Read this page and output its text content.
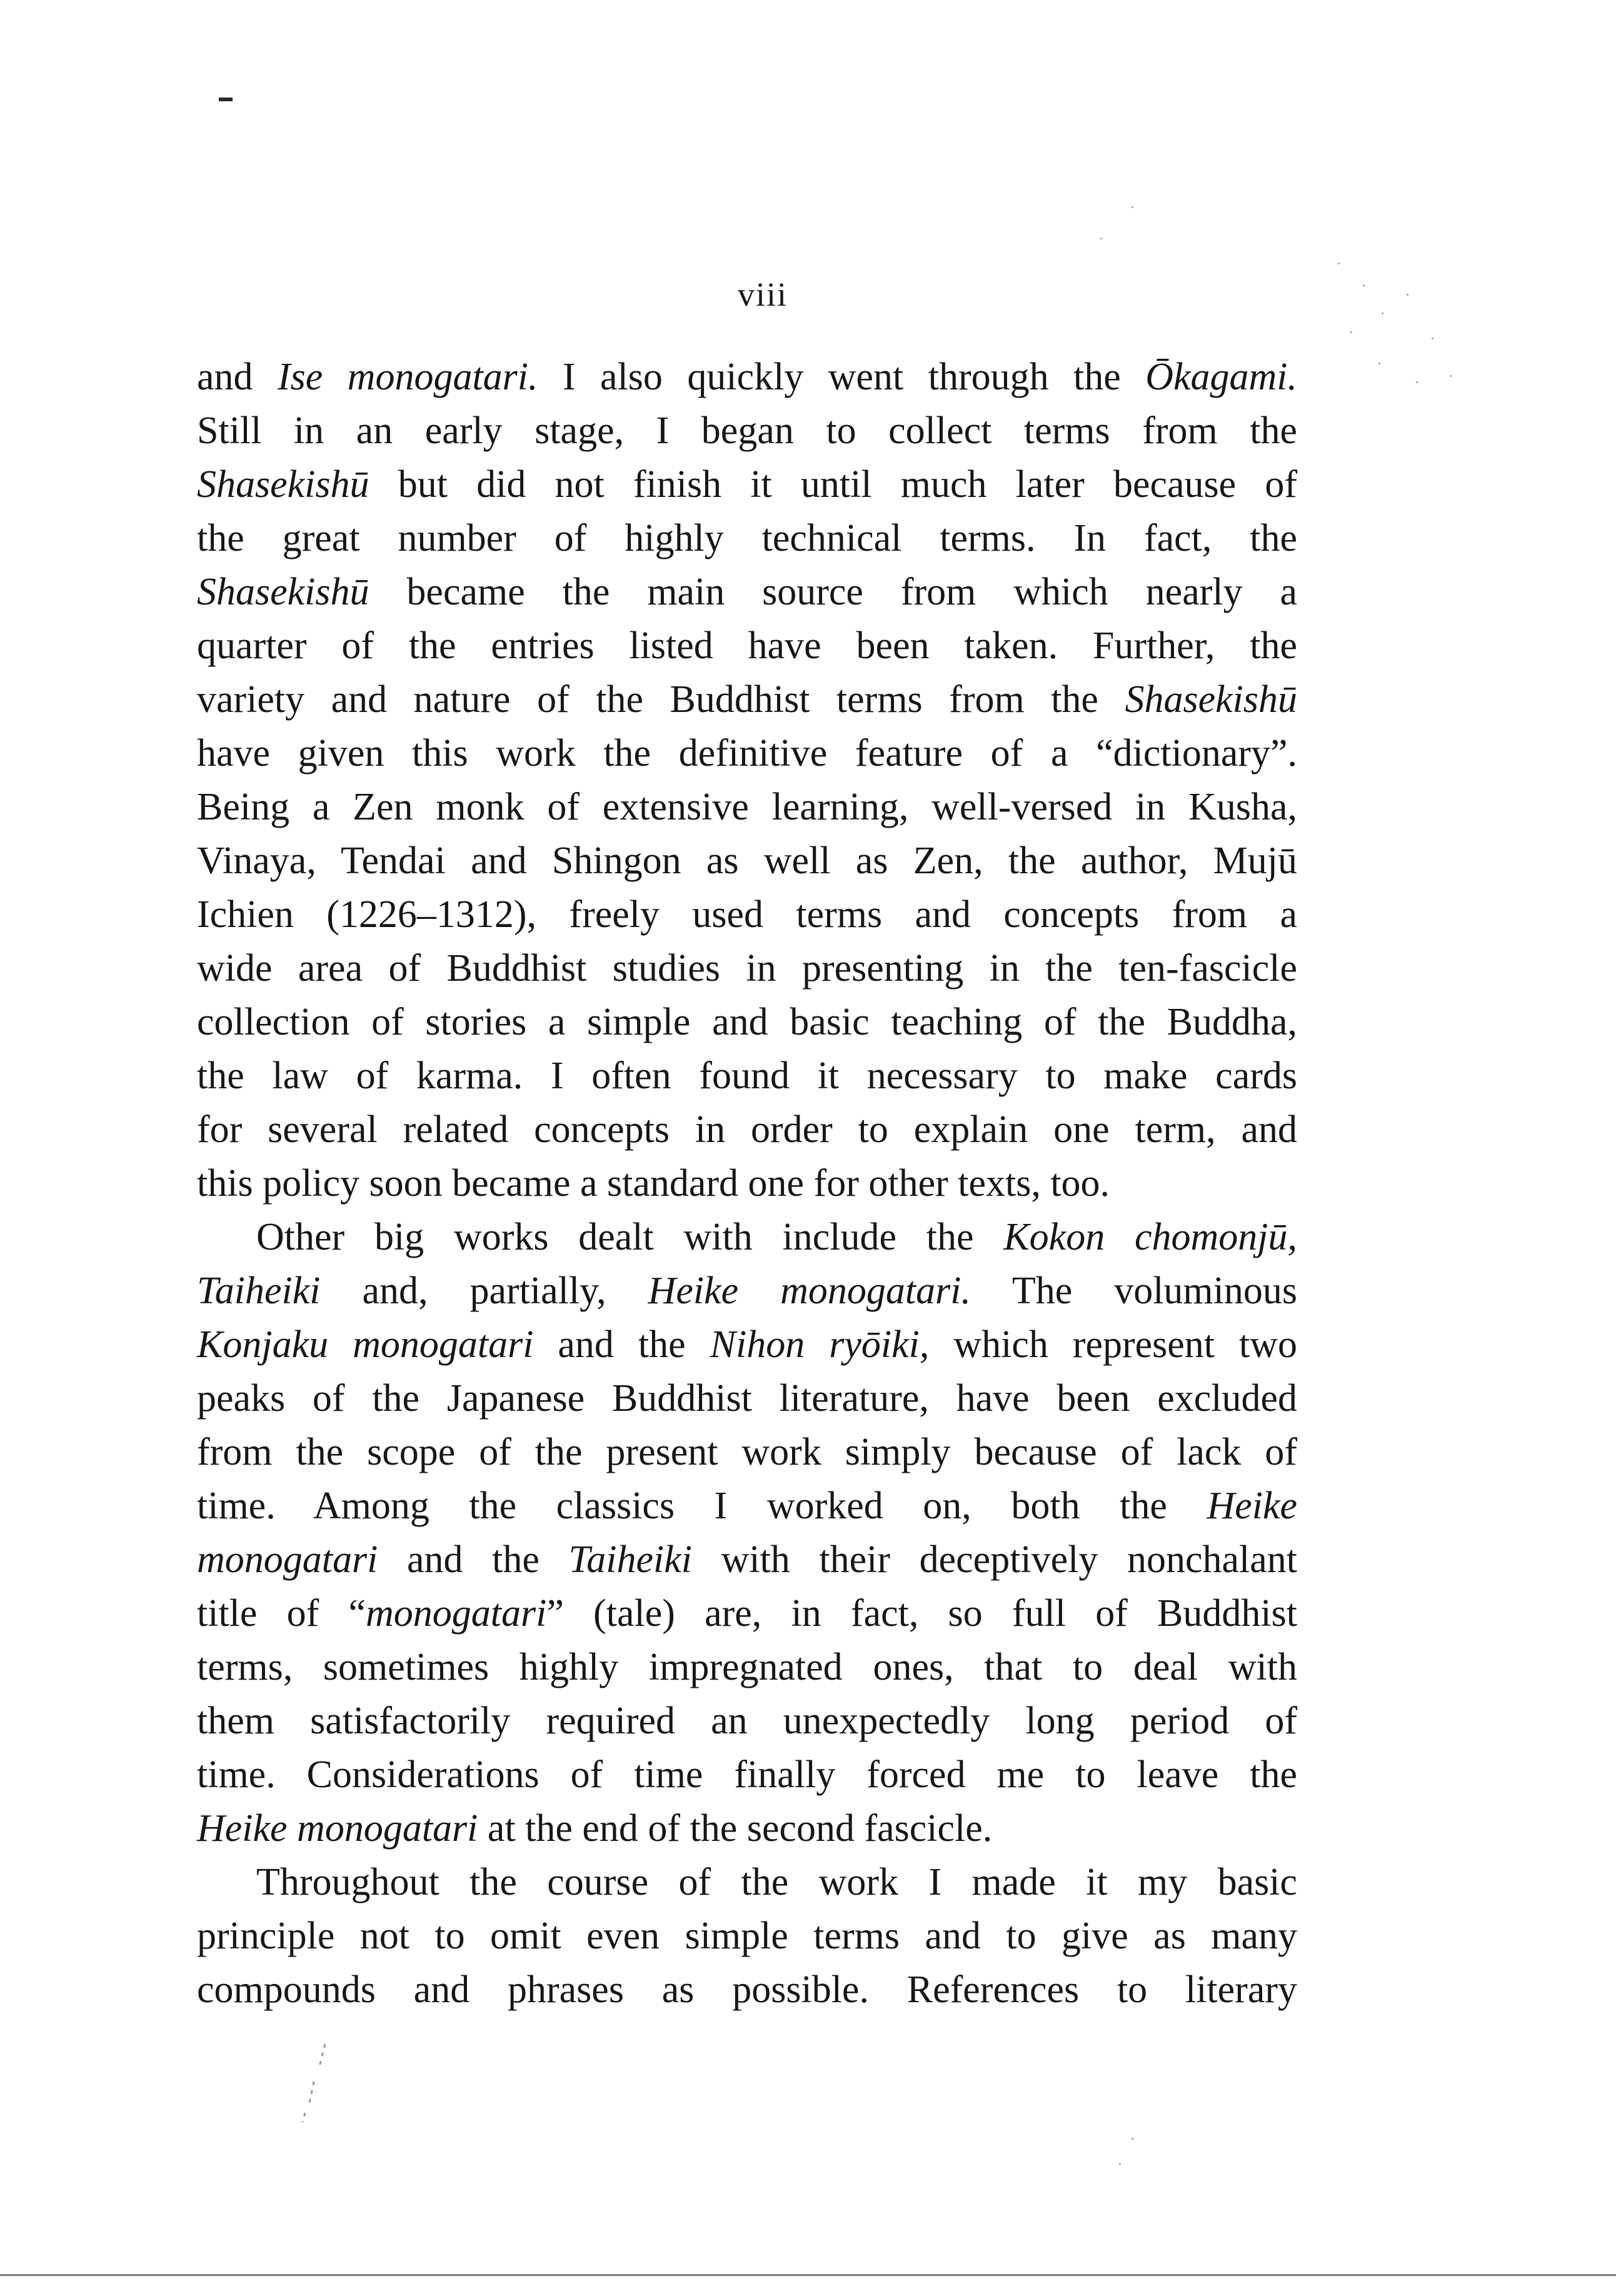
viii
and Ise monogatari. I also quickly went through the Ōkagami.
Still in an early stage, I began to collect terms from the
Shasekishū but did not finish it until much later because of
the great number of highly technical terms. In fact, the
Shasekishū became the main source from which nearly a
quarter of the entries listed have been taken. Further, the
variety and nature of the Buddhist terms from the Shasekishū
have given this work the definitive feature of a “dictionary”.
Being a Zen monk of extensive learning, well-versed in Kusha,
Vinaya, Tendai and Shingon as well as Zen, the author, Mujū
Ichien (1226–1312), freely used terms and concepts from a
wide area of Buddhist studies in presenting in the ten-fascicle
collection of stories a simple and basic teaching of the Buddha,
the law of karma. I often found it necessary to make cards
for several related concepts in order to explain one term, and
this policy soon became a standard one for other texts, too.
Other big works dealt with include the Kokon chomonjū,
Taiheiki and, partially, Heike monogatari. The voluminous
Konjaku monogatari and the Nihon ryōiki, which represent two
peaks of the Japanese Buddhist literature, have been excluded
from the scope of the present work simply because of lack of
time. Among the classics I worked on, both the Heike
monogatari and the Taiheiki with their deceptively nonchalant
title of “monogatari” (tale) are, in fact, so full of Buddhist
terms, sometimes highly impregnated ones, that to deal with
them satisfactorily required an unexpectedly long period of
time. Considerations of time finally forced me to leave the
Heike monogatari at the end of the second fascicle.
Throughout the course of the work I made it my basic
principle not to omit even simple terms and to give as many
compounds and phrases as possible. References to literary
